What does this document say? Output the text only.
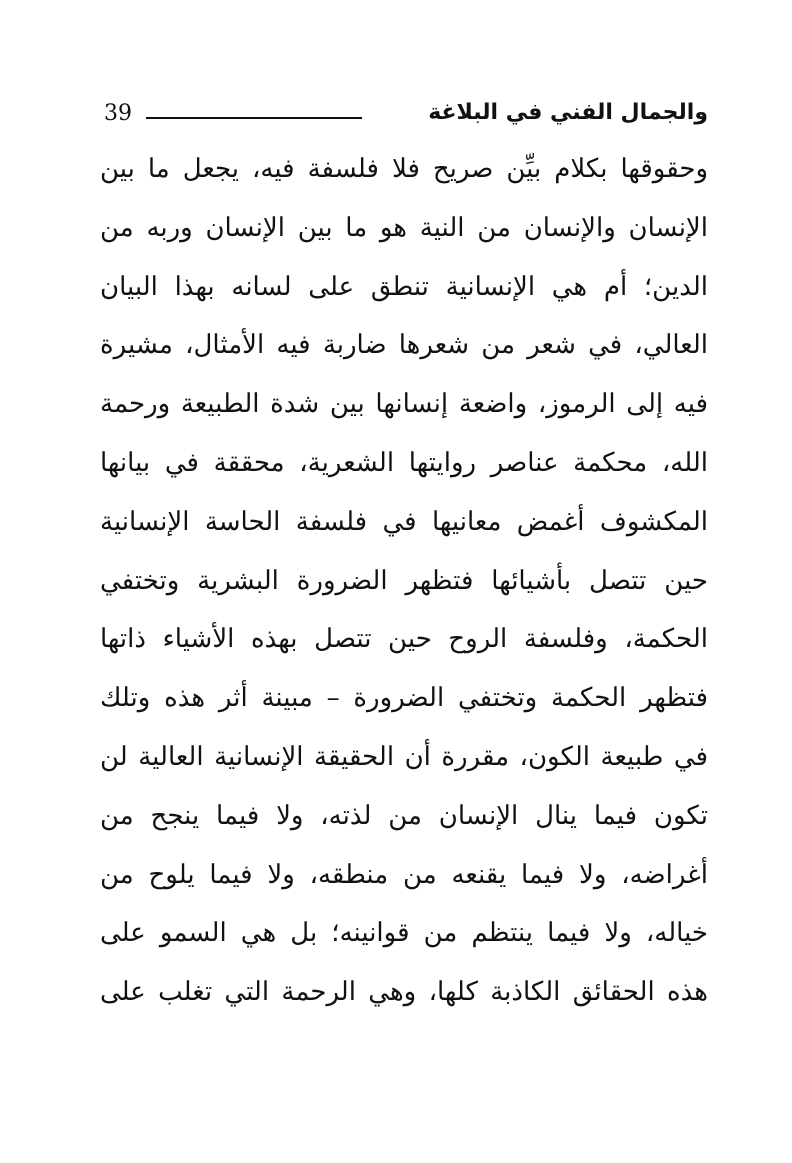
39	والجمال الفني في البلاغة
وحقوقها بكلام بيِّن صريح فلا فلسفة فيه، يجعل ما بين
الإنسان والإنسان من النية هو ما بين الإنسان وربه من
الدين؛ أم هي الإنسانية تنطق على لسانه بهذا البيان
العالي، في شعر من شعرها ضاربة فيه الأمثال، مشيرة
فيه إلى الرموز، واضعة إنسانها بين شدة الطبيعة ورحمة
الله، محكمة عناصر روايتها الشعرية، محققة في بيانها
المكشوف أغمض معانيها في فلسفة الحاسة الإنسانية
حين تتصل بأشيائها فتظهر الضرورة البشرية وتختفي
الحكمة، وفلسفة الروح حين تتصل بهذه الأشياء ذاتها
فتظهر الحكمة وتختفي الضرورة – مبينة أثر هذه وتلك
في طبيعة الكون، مقررة أن الحقيقة الإنسانية العالية لن
تكون فيما ينال الإنسان من لذته، ولا فيما ينجح من
أغراضه، ولا فيما يقنعه من منطقه، ولا فيما يلوح من
خياله، ولا فيما ينتظم من قوانينه؛ بل هي السمو على
هذه الحقائق الكاذبة كلها، وهي الرحمة التي تغلب على
